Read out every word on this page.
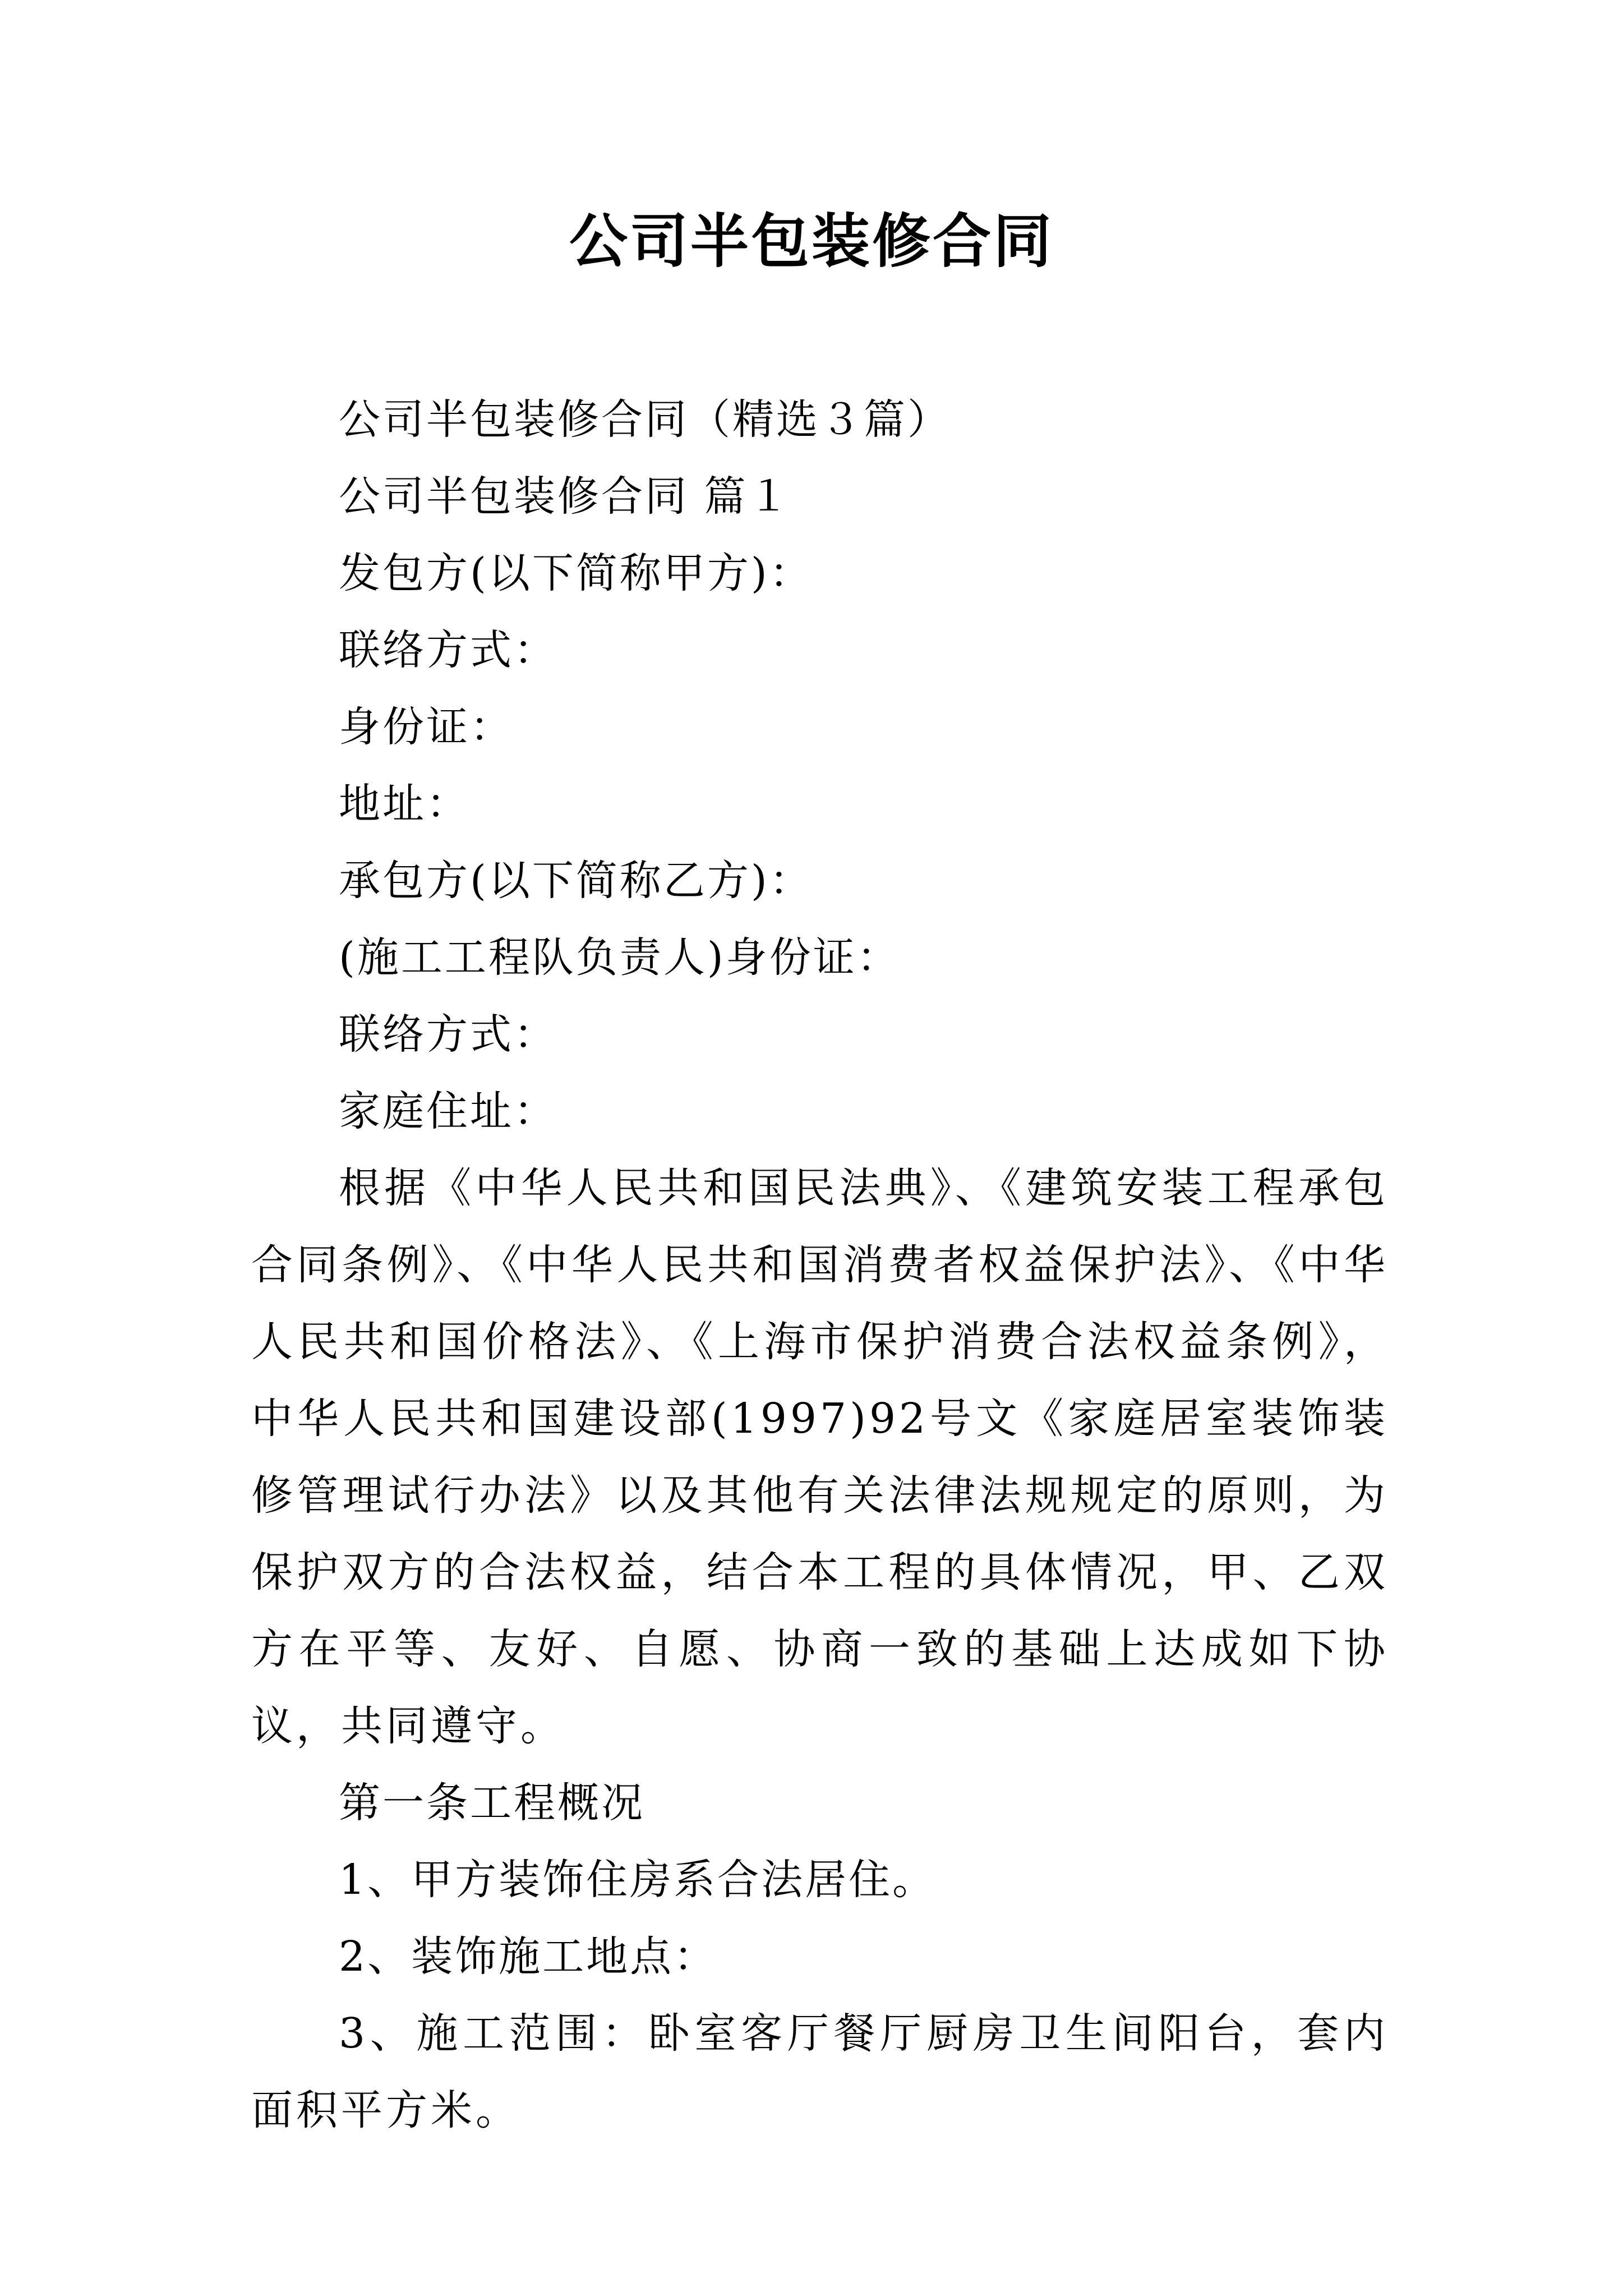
公司半包装修合同
公司半包装修合同（精选３篇）
公司半包装修合同 篇１
发包方(以下简称甲方)：
联络方式：
身份证：
地址：
承包方(以下简称乙方)：
(施工工程队负责人)身份证：
联络方式：
家庭住址：
根据《中华人民共和国民法典》、《建筑安装工程承包合同条例》、《中华人民共和国消费者权益保护法》、《中华人民共和国价格法》、《上海市保护消费合法权益条例》，中华人民共和国建设部(1997)92号文《家庭居室装饰装修管理试行办法》以及其他有关法律法规规定的原则，为保护双方的合法权益，结合本工程的具体情况，甲、乙双方在平等、友好、自愿、协商一致的基础上达成如下协议，共同遵守。
第一条工程概况
1、甲方装饰住房系合法居住。
2、装饰施工地点：
3、施工范围：卧室客厅餐厅厨房卫生间阳台，套内面积平方米。
